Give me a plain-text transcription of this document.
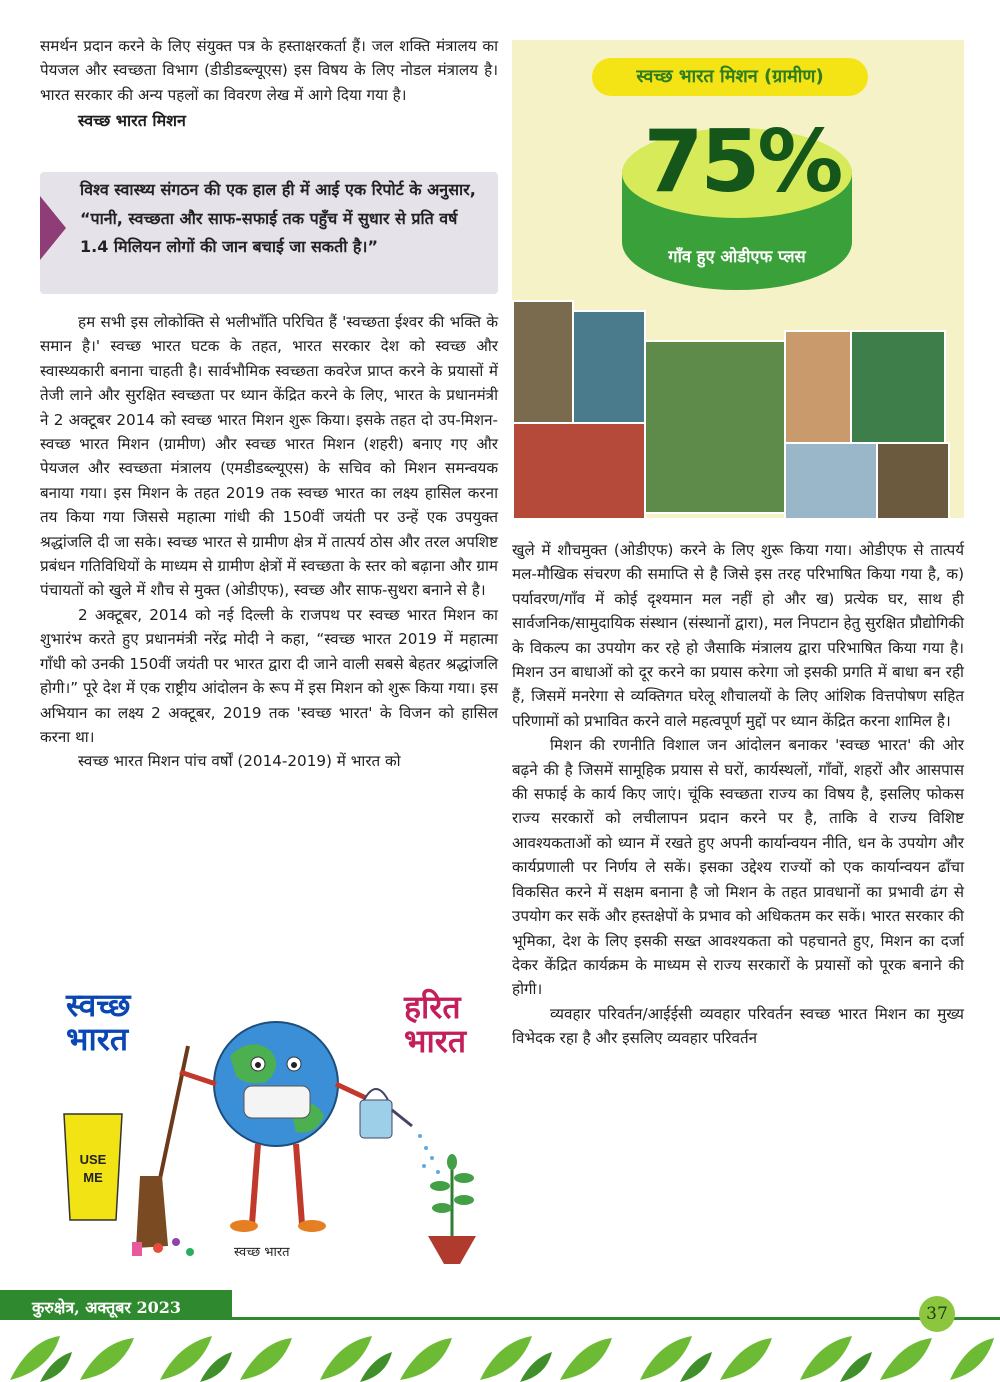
समर्थन प्रदान करने के लिए संयुक्त पत्र के हस्ताक्षरकर्ता हैं। जल शक्ति मंत्रालय का पेयजल और स्वच्छता विभाग (डीडीडब्ल्यूएस) इस विषय के लिए नोडल मंत्रालय है। भारत सरकार की अन्य पहलों का विवरण लेख में आगे दिया गया है।

स्वच्छ भारत मिशन

विश्व स्वास्थ्य संगठन की एक हाल ही में आई एक रिपोर्ट के अनुसार, “पानी, स्वच्छता और साफ-सफाई तक पहुँच में सुधार से प्रति वर्ष 1.4 मिलियन लोगों की जान बचाई जा सकती है।”

हम सभी इस लोकोक्ति से भलीभाँति परिचित हैं 'स्वच्छता ईश्वर की भक्ति के समान है।' स्वच्छ भारत घटक के तहत, भारत सरकार देश को स्वच्छ और स्वास्थ्यकारी बनाना चाहती है। सार्वभौमिक स्वच्छता कवरेज प्राप्त करने के प्रयासों में तेजी लाने और सुरक्षित स्वच्छता पर ध्यान केंद्रित करने के लिए, भारत के प्रधानमंत्री ने 2 अक्टूबर 2014 को स्वच्छ भारत मिशन शुरू किया। इसके तहत दो उप-मिशन- स्वच्छ भारत मिशन (ग्रामीण) और स्वच्छ भारत मिशन (शहरी) बनाए गए और पेयजल और स्वच्छता मंत्रालय (एमडीडब्ल्यूएस) के सचिव को मिशन समन्वयक बनाया गया। इस मिशन के तहत 2019 तक स्वच्छ भारत का लक्ष्य हासिल करना तय किया गया जिससे महात्मा गांधी की 150वीं जयंती पर उन्हें एक उपयुक्त श्रद्धांजलि दी जा सके। स्वच्छ भारत से ग्रामीण क्षेत्र में तात्पर्य ठोस और तरल अपशिष्ट प्रबंधन गतिविधियों के माध्यम से ग्रामीण क्षेत्रों में स्वच्छता के स्तर को बढ़ाना और ग्राम पंचायतों को खुले में शौच से मुक्त (ओडीएफ), स्वच्छ और साफ-सुथरा बनाने से है।

2 अक्टूबर, 2014 को नई दिल्ली के राजपथ पर स्वच्छ भारत मिशन का शुभारंभ करते हुए प्रधानमंत्री नरेंद्र मोदी ने कहा, “स्वच्छ भारत 2019 में महात्मा गाँधी को उनकी 150वीं जयंती पर भारत द्वारा दी जाने वाली सबसे बेहतर श्रद्धांजलि होगी।” पूरे देश में एक राष्ट्रीय आंदोलन के रूप में इस मिशन को शुरू किया गया। इस अभियान का लक्ष्य 2 अक्टूबर, 2019 तक 'स्वच्छ भारत' के विजन को हासिल करना था।

स्वच्छ भारत मिशन पांच वर्षों (2014-2019) में भारत को

स्वच्छ भारत मिशन (ग्रामीण)
75%
गाँव हुए ओडीएफ प्लस
स्वच्छ
भारत
हरित
भारत
USE
ME
स्वच्छ भारत

खुले में शौचमुक्त (ओडीएफ) करने के लिए शुरू किया गया। ओडीएफ से तात्पर्य मल-मौखिक संचरण की समाप्ति से है जिसे इस तरह परिभाषित किया गया है, क) पर्यावरण/गाँव में कोई दृश्यमान मल नहीं हो और ख) प्रत्येक घर, साथ ही सार्वजनिक/सामुदायिक संस्थान (संस्थानों द्वारा), मल निपटान हेतु सुरक्षित प्रौद्योगिकी के विकल्प का उपयोग कर रहे हो जैसाकि मंत्रालय द्वारा परिभाषित किया गया है। मिशन उन बाधाओं को दूर करने का प्रयास करेगा जो इसकी प्रगति में बाधा बन रही हैं, जिसमें मनरेगा से व्यक्तिगत घरेलू शौचालयों के लिए आंशिक वित्तपोषण सहित परिणामों को प्रभावित करने वाले महत्वपूर्ण मुद्दों पर ध्यान केंद्रित करना शामिल है।

मिशन की रणनीति विशाल जन आंदोलन बनाकर 'स्वच्छ भारत' की ओर बढ़ने की है जिसमें सामूहिक प्रयास से घरों, कार्यस्थलों, गाँवों, शहरों और आसपास की सफाई के कार्य किए जाएं। चूंकि स्वच्छता राज्य का विषय है, इसलिए फोकस राज्य सरकारों को लचीलापन प्रदान करने पर है, ताकि वे राज्य विशिष्ट आवश्यकताओं को ध्यान में रखते हुए अपनी कार्यान्वयन नीति, धन के उपयोग और कार्यप्रणाली पर निर्णय ले सकें। इसका उद्देश्य राज्यों को एक कार्यान्वयन ढाँचा विकसित करने में सक्षम बनाना है जो मिशन के तहत प्रावधानों का प्रभावी ढंग से उपयोग कर सकें और हस्तक्षेपों के प्रभाव को अधिकतम कर सकें। भारत सरकार की भूमिका, देश के लिए इसकी सख्त आवश्यकता को पहचानते हुए, मिशन का दर्जा देकर केंद्रित कार्यक्रम के माध्यम से राज्य सरकारों के प्रयासों को पूरक बनाने की होगी।

व्यवहार परिवर्तन/आईईसी व्यवहार परिवर्तन स्वच्छ भारत मिशन का मुख्य विभेदक रहा है और इसलिए व्यवहार परिवर्तन

कुरुक्षेत्र, अक्तूबर 2023	37
